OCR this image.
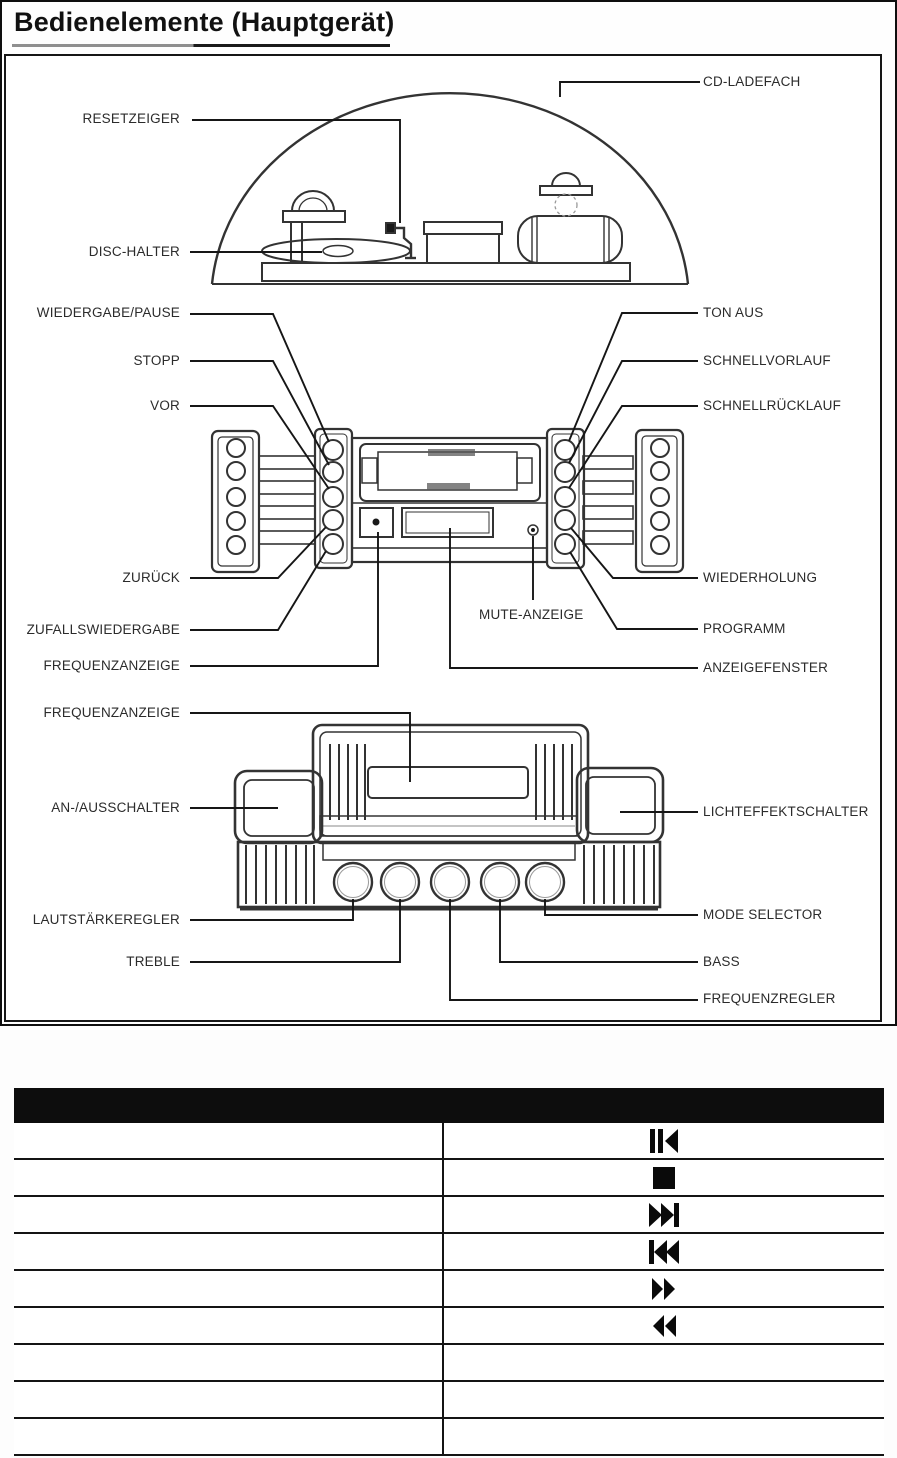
Bedienelemente (Hauptgerät)
CD-LADEFACH
TON AUS
SCHNELLVORLAUF
SCHNELLRÜCKLAUF
WIEDERHOLUNG
PROGRAMM
ANZEIGEFENSTER
LICHTEFFEKTSCHALTER
MODE SELECTOR
BASS
FREQUENZREGLER
RESETZEIGER
DISC-HALTER
WIEDERGABE/PAUSE
STOPP
VOR
ZURÜCK
ZUFALLSWIEDERGABE
FREQUENZANZEIGE
FREQUENZANZEIGE
AN-/AUSSCHALTER
LAUTSTÄRKEREGLER
TREBLE
MUTE-ANZEIGE
